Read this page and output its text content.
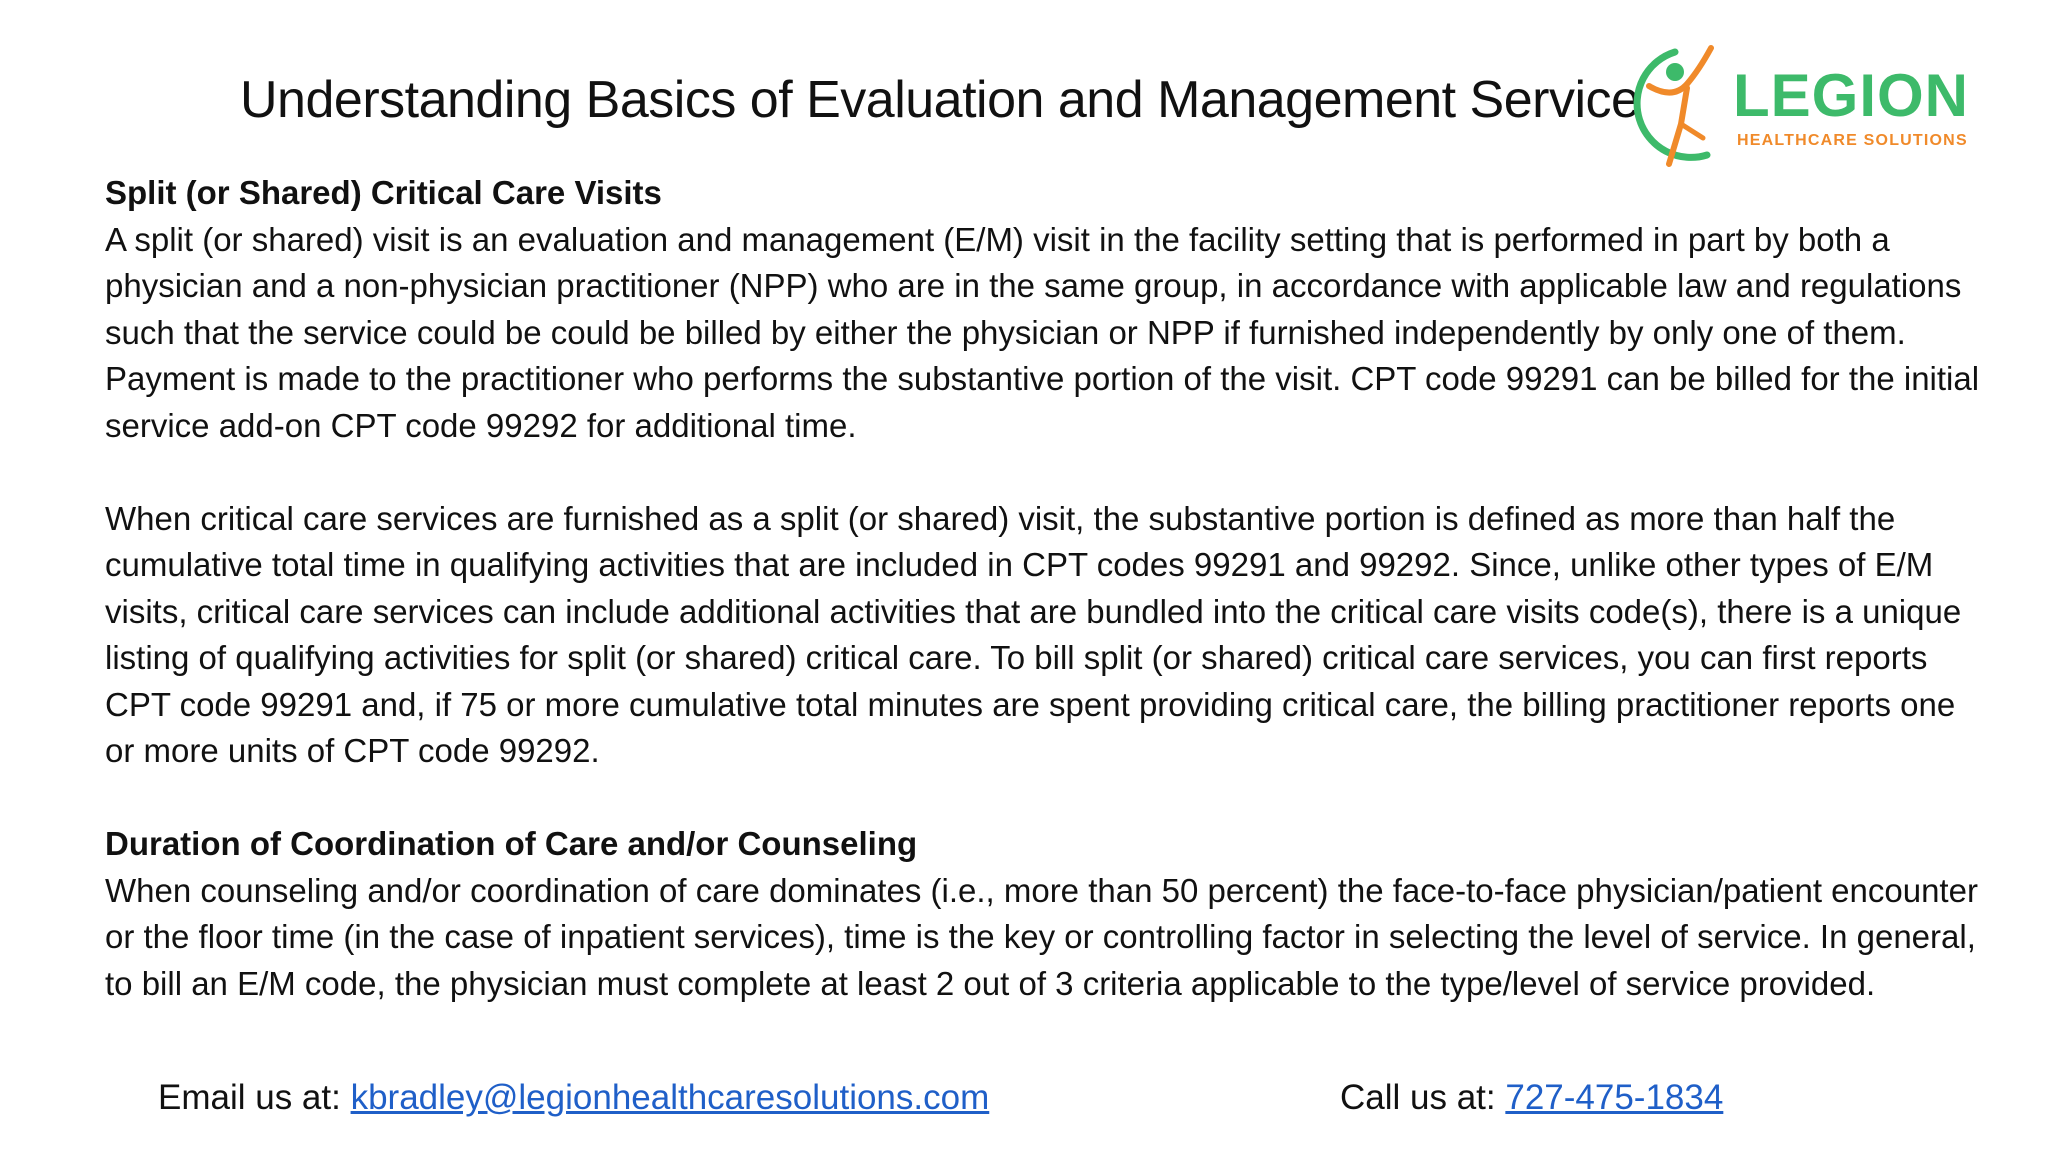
Understanding Basics of Evaluation and Management Service LEGION
HEALTHCARE SOLUTIONS
Split (or Shared) Critical Care Visits

A split (or shared) visit is an evaluation and management (E/M) visit in the facility setting that is performed in part by both a physician and a non-physician practitioner (NPP) who are in the same group, in accordance with applicable law and regulations such that the service could be could be billed by either the physician or NPP if furnished independently by only one of them. Payment is made to the practitioner who performs the substantive portion of the visit. CPT code 99291 can be billed for the initial service add-on CPT code 99292 for additional time.

When critical care services are furnished as a split (or shared) visit, the substantive portion is defined as more than half the cumulative total time in qualifying activities that are included in CPT codes 99291 and 99292. Since, unlike other types of E/M visits, critical care services can include additional activities that are bundled into the critical care visits code(s), there is a unique listing of qualifying activities for split (or shared) critical care. To bill split (or shared) critical care services, you can first reports CPT code 99291 and, if 75 or more cumulative total minutes are spent providing critical care, the billing practitioner reports one or more units of CPT code 99292.

Duration of Coordination of Care and/or Counseling

When counseling and/or coordination of care dominates (i.e., more than 50 percent) the face-to-face physician/patient encounter or the floor time (in the case of inpatient services), time is the key or controlling factor in selecting the level of service. In general, to bill an E/M code, the physician must complete at least 2 out of 3 criteria applicable to the type/level of service provided.

Email us at: kbradley@legionhealthcaresolutions.com	Call us at: 727-475-1834
